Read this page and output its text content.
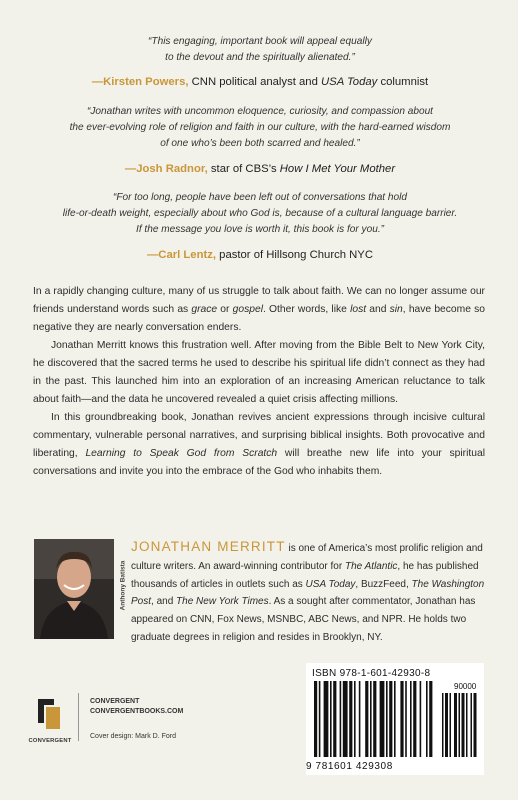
“This engaging, important book will appeal equally
to the devout and the spiritually alienated.”
—Kirsten Powers, CNN political analyst and USA Today columnist
“Jonathan writes with uncommon eloquence, curiosity, and compassion about
the ever-evolving role of religion and faith in our culture, with the hard-earned wisdom
of one who’s been both scarred and healed.”
—Josh Radnor, star of CBS’s How I Met Your Mother
“For too long, people have been left out of conversations that hold
life-or-death weight, especially about who God is, because of a cultural language barrier.
If the message you love is worth it, this book is for you.”
—Carl Lentz, pastor of Hillsong Church NYC

In a rapidly changing culture, many of us struggle to talk about faith. We can no longer assume our friends understand words such as grace or gospel. Other words, like lost and sin, have become so negative they are nearly conversation enders.

Jonathan Merritt knows this frustration well. After moving from the Bible Belt to New York City, he discovered that the sacred terms he used to describe his spiritual life didn’t connect as they had in the past. This launched him into an exploration of an increasing American reluctance to talk about faith—and the data he uncovered revealed a quiet crisis affecting millions.

In this groundbreaking book, Jonathan revives ancient expressions through incisive cultural commentary, vulnerable personal narratives, and surprising biblical insights. Both provocative and liberating, Learning to Speak God from Scratch will breathe new life into your spiritual conversations and invite you into the embrace of the God who inhabits them.

Anthony Batista
JONATHAN MERRITT is one of America’s most prolific religion and culture writers. An award-winning contributor for The Atlantic, he has published thousands of articles in outlets such as USA Today, BuzzFeed, The Washington Post, and The New York Times. As a sought after commentator, Jonathan has appeared on CNN, Fox News, MSNBC, ABC News, and NPR. He holds two graduate degrees in religion and resides in Brooklyn, NY.
CONVERGENT
CONVERGENT
CONVERGENTBOOKS.COM
Cover design: Mark D. Ford
ISBN 978-1-601-42930-8
90000
9 781601 429308
